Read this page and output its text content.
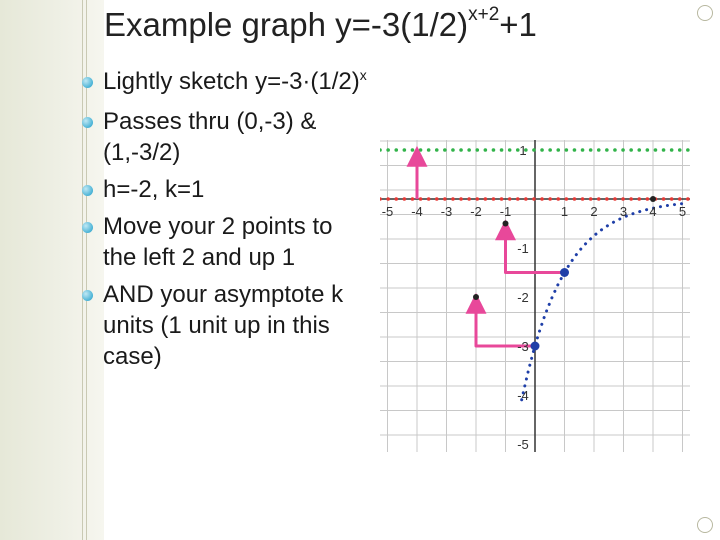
Example graph $y=-3(1/2)^{x+2}+1$
Lightly sketch $y=-3\cdot(1/2)^x$
Passes thru (0,-3) & (1,-3/2)
h=-2, k=1
Move your 2 points to the left 2 and up 1
AND your asymptote k units (1 unit up in this case)
-5 -4 -3 -2 -1	1 2 3 4 5
1
-1
-2
-3
-4
-5
